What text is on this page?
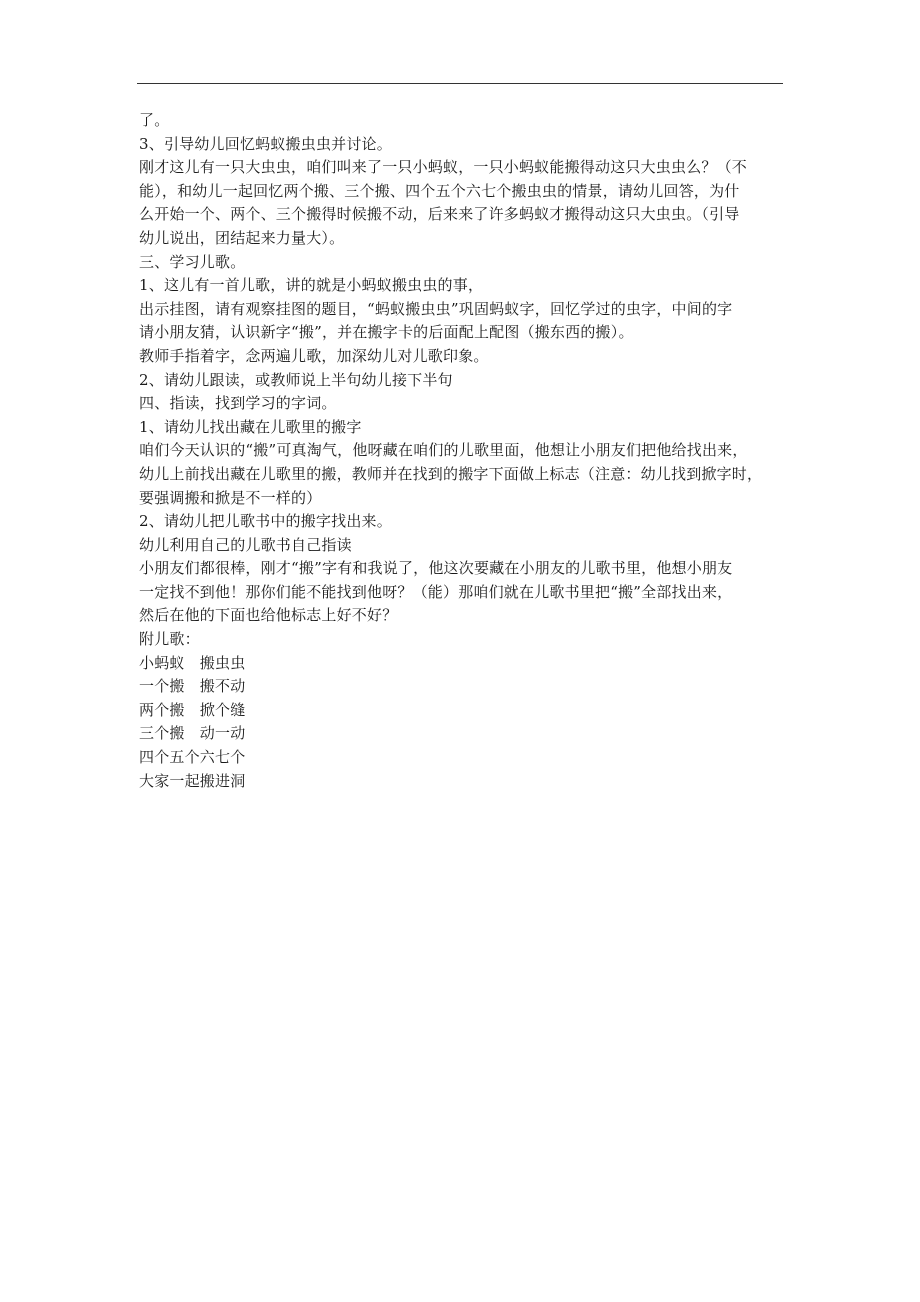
了。
3、引导幼儿回忆蚂蚁搬虫虫并讨论。
刚才这儿有一只大虫虫，咱们叫来了一只小蚂蚁，一只小蚂蚁能搬得动这只大虫虫么？（不
能），和幼儿一起回忆两个搬、三个搬、四个五个六七个搬虫虫的情景，请幼儿回答，为什
么开始一个、两个、三个搬得时候搬不动，后来来了许多蚂蚁才搬得动这只大虫虫。（引导
幼儿说出，团结起来力量大）。
三、学习儿歌。
1、这儿有一首儿歌，讲的就是小蚂蚁搬虫虫的事，
出示挂图，请有观察挂图的题目，“蚂蚁搬虫虫”巩固蚂蚁字，回忆学过的虫字，中间的字
请小朋友猜，认识新字“搬”，并在搬字卡的后面配上配图（搬东西的搬）。
教师手指着字，念两遍儿歌，加深幼儿对儿歌印象。
2、请幼儿跟读，或教师说上半句幼儿接下半句
四、指读，找到学习的字词。
1、请幼儿找出藏在儿歌里的搬字
咱们今天认识的“搬”可真淘气，他呀藏在咱们的儿歌里面，他想让小朋友们把他给找出来，
幼儿上前找出藏在儿歌里的搬，教师并在找到的搬字下面做上标志（注意：幼儿找到掀字时，
要强调搬和掀是不一样的）
2、请幼儿把儿歌书中的搬字找出来。
幼儿利用自己的儿歌书自己指读
小朋友们都很棒，刚才“搬”字有和我说了，他这次要藏在小朋友的儿歌书里，他想小朋友
一定找不到他！那你们能不能找到他呀？（能）那咱们就在儿歌书里把“搬”全部找出来，
然后在他的下面也给他标志上好不好？
附儿歌：
小蚂蚁　搬虫虫
一个搬　搬不动
两个搬　掀个缝
三个搬　动一动
四个五个六七个
大家一起搬进洞
